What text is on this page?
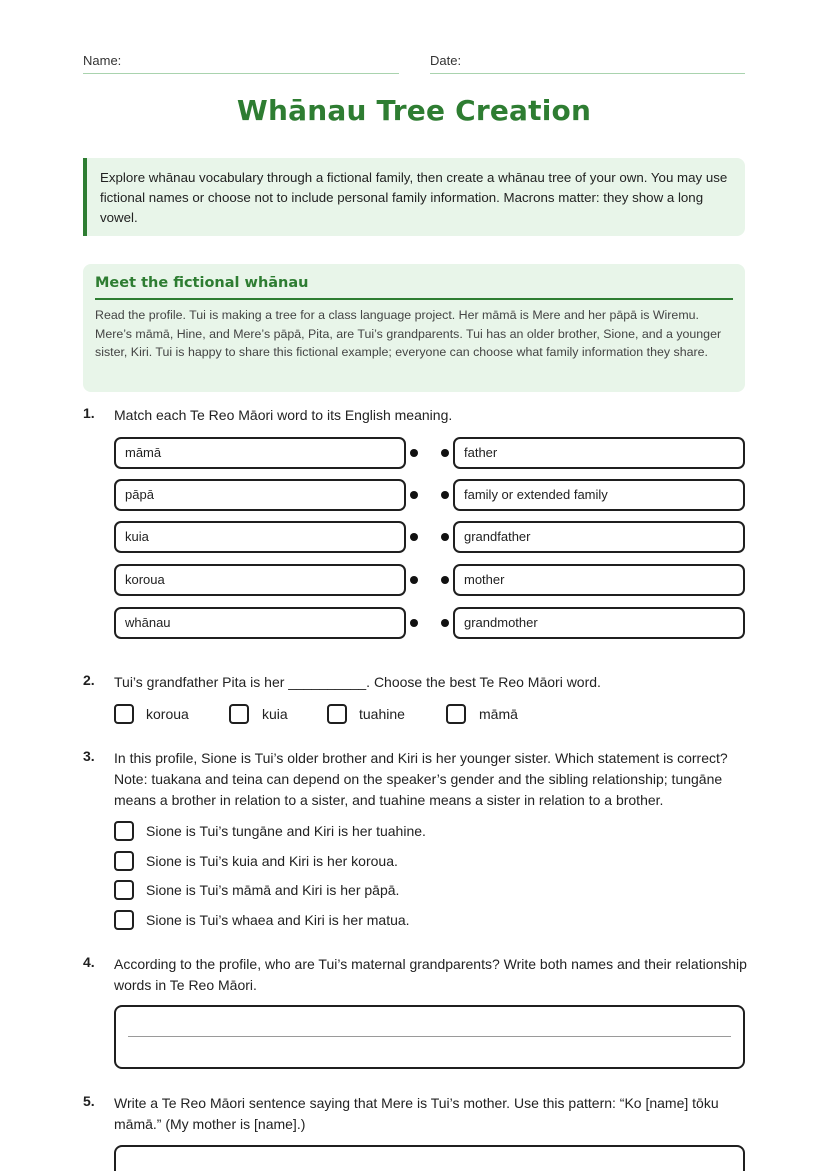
Name:	Date:
Whānau Tree Creation
Explore whānau vocabulary through a fictional family, then create a whānau tree of your own. You may use fictional names or choose not to include personal family information. Macrons matter: they show a long vowel.
Meet the fictional whānau

Read the profile. Tui is making a tree for a class language project. Her māmā is Mere and her pāpā is Wiremu. Mere’s māmā, Hine, and Mere’s pāpā, Pita, are Tui’s grandparents. Tui has an older brother, Sione, and a younger sister, Kiri. Tui is happy to share this fictional example; everyone can choose what family information they share.

1. Match each Te Reo Māori word to its English meaning.
māmā
pāpā
kuia
koroua
whānau
father
family or extended family
grandfather
mother
grandmother
2. Tui’s grandfather Pita is her __________. Choose the best Te Reo Māori word.
koroua	kuia	tuahine	māmā
3. In this profile, Sione is Tui’s older brother and Kiri is her younger sister. Which statement is correct? Note: tuakana and teina can depend on the speaker’s gender and the sibling relationship; tungāne means a brother in relation to a sister, and tuahine means a sister in relation to a brother.
Sione is Tui’s tungāne and Kiri is her tuahine.
Sione is Tui’s kuia and Kiri is her koroua.
Sione is Tui’s māmā and Kiri is her pāpā.
Sione is Tui’s whaea and Kiri is her matua.
4. According to the profile, who are Tui’s maternal grandparents? Write both names and their relationship words in Te Reo Māori.
5. Write a Te Reo Māori sentence saying that Mere is Tui’s mother. Use this pattern: “Ko [name] tōku māmā.” (My mother is [name].)
